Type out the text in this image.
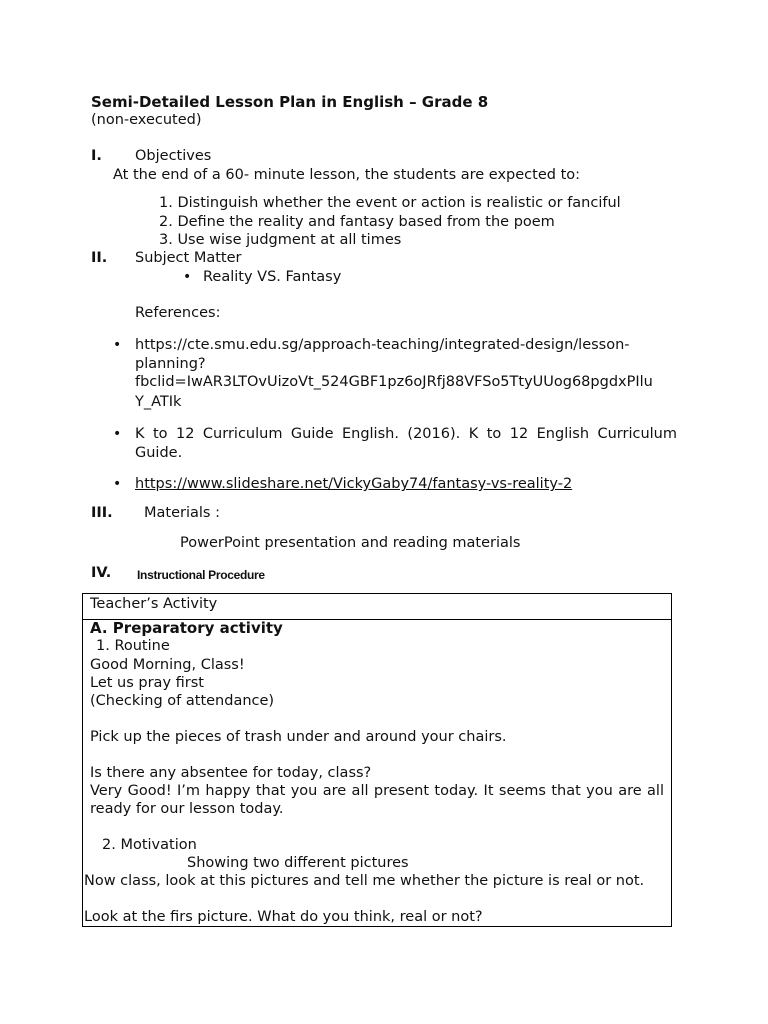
Semi-Detailed Lesson Plan in English – Grade 8
(non-executed)
I. Objectives
At the end of a 60- minute lesson, the students are expected to:
1. Distinguish whether the event or action is realistic or fanciful
2. Define the reality and fantasy based from the poem
3. Use wise judgment at all times
II. Subject Matter
• Reality VS. Fantasy
References:
• https://cte.smu.edu.sg/approach-teaching/integrated-design/lesson-
planning?
fbclid=IwAR3LTOvUizoVt_524GBF1pz6oJRfj88VFSo5TtyUUog68pgdxPIlu
Y_ATIk
• K to 12 Curriculum Guide English. (2016). K to 12 English Curriculum Guide.
• https://www.slideshare.net/VickyGaby74/fantasy-vs-reality-2
III. Materials :
PowerPoint presentation and reading materials
IV. Instructional Procedure
Teacher’s Activity
A. Preparatory activity
1. Routine
Good Morning, Class!
Let us pray first
(Checking of attendance)
Pick up the pieces of trash under and around your chairs.
Is there any absentee for today, class?
Very Good! I’m happy that you are all present today. It seems that you are all ready for our lesson today.
2. Motivation
Showing two different pictures
Now class, look at this pictures and tell me whether the picture is real or not.
Look at the firs picture. What do you think, real or not?
